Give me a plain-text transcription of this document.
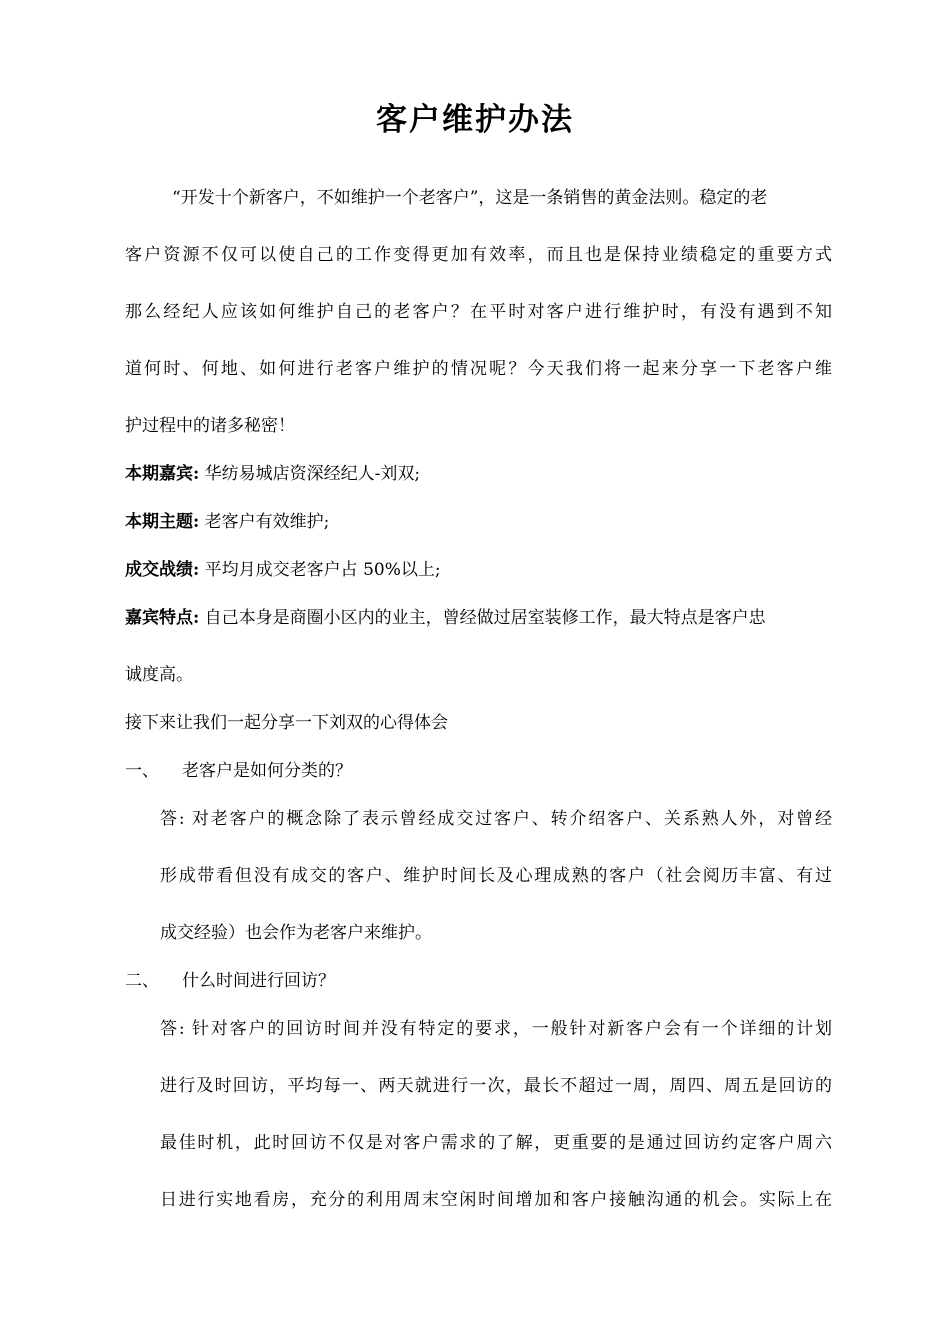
客户维护办法
“开发十个新客户，不如维护一个老客户”，这是一条销售的黄金法则。稳定的老
客户资源不仅可以使自己的工作变得更加有效率，而且也是保持业绩稳定的重要方式
那么经纪人应该如何维护自己的老客户？在平时对客户进行维护时，有没有遇到不知
道何时、何地、如何进行老客户维护的情况呢？今天我们将一起来分享一下老客户维
护过程中的诸多秘密！
本期嘉宾: 华纺易城店资深经纪人-刘双;
本期主题: 老客户有效维护;
成交战绩: 平均月成交老客户占 50%以上;
嘉宾特点: 自己本身是商圈小区内的业主，曾经做过居室装修工作，最大特点是客户忠
诚度高。
接下来让我们一起分享一下刘双的心得体会
一、 老客户是如何分类的？
答: 对老客户的概念除了表示曾经成交过客户、转介绍客户、关系熟人外，对曾经
形成带看但没有成交的客户、维护时间长及心理成熟的客户（社会阅历丰富、有过
成交经验）也会作为老客户来维护。
二、 什么时间进行回访？
答: 针对客户的回访时间并没有特定的要求，一般针对新客户会有一个详细的计划
进行及时回访，平均每一、两天就进行一次，最长不超过一周，周四、周五是回访的
最佳时机，此时回访不仅是对客户需求的了解，更重要的是通过回访约定客户周六
日进行实地看房，充分的利用周末空闲时间增加和客户接触沟通的机会。实际上在
